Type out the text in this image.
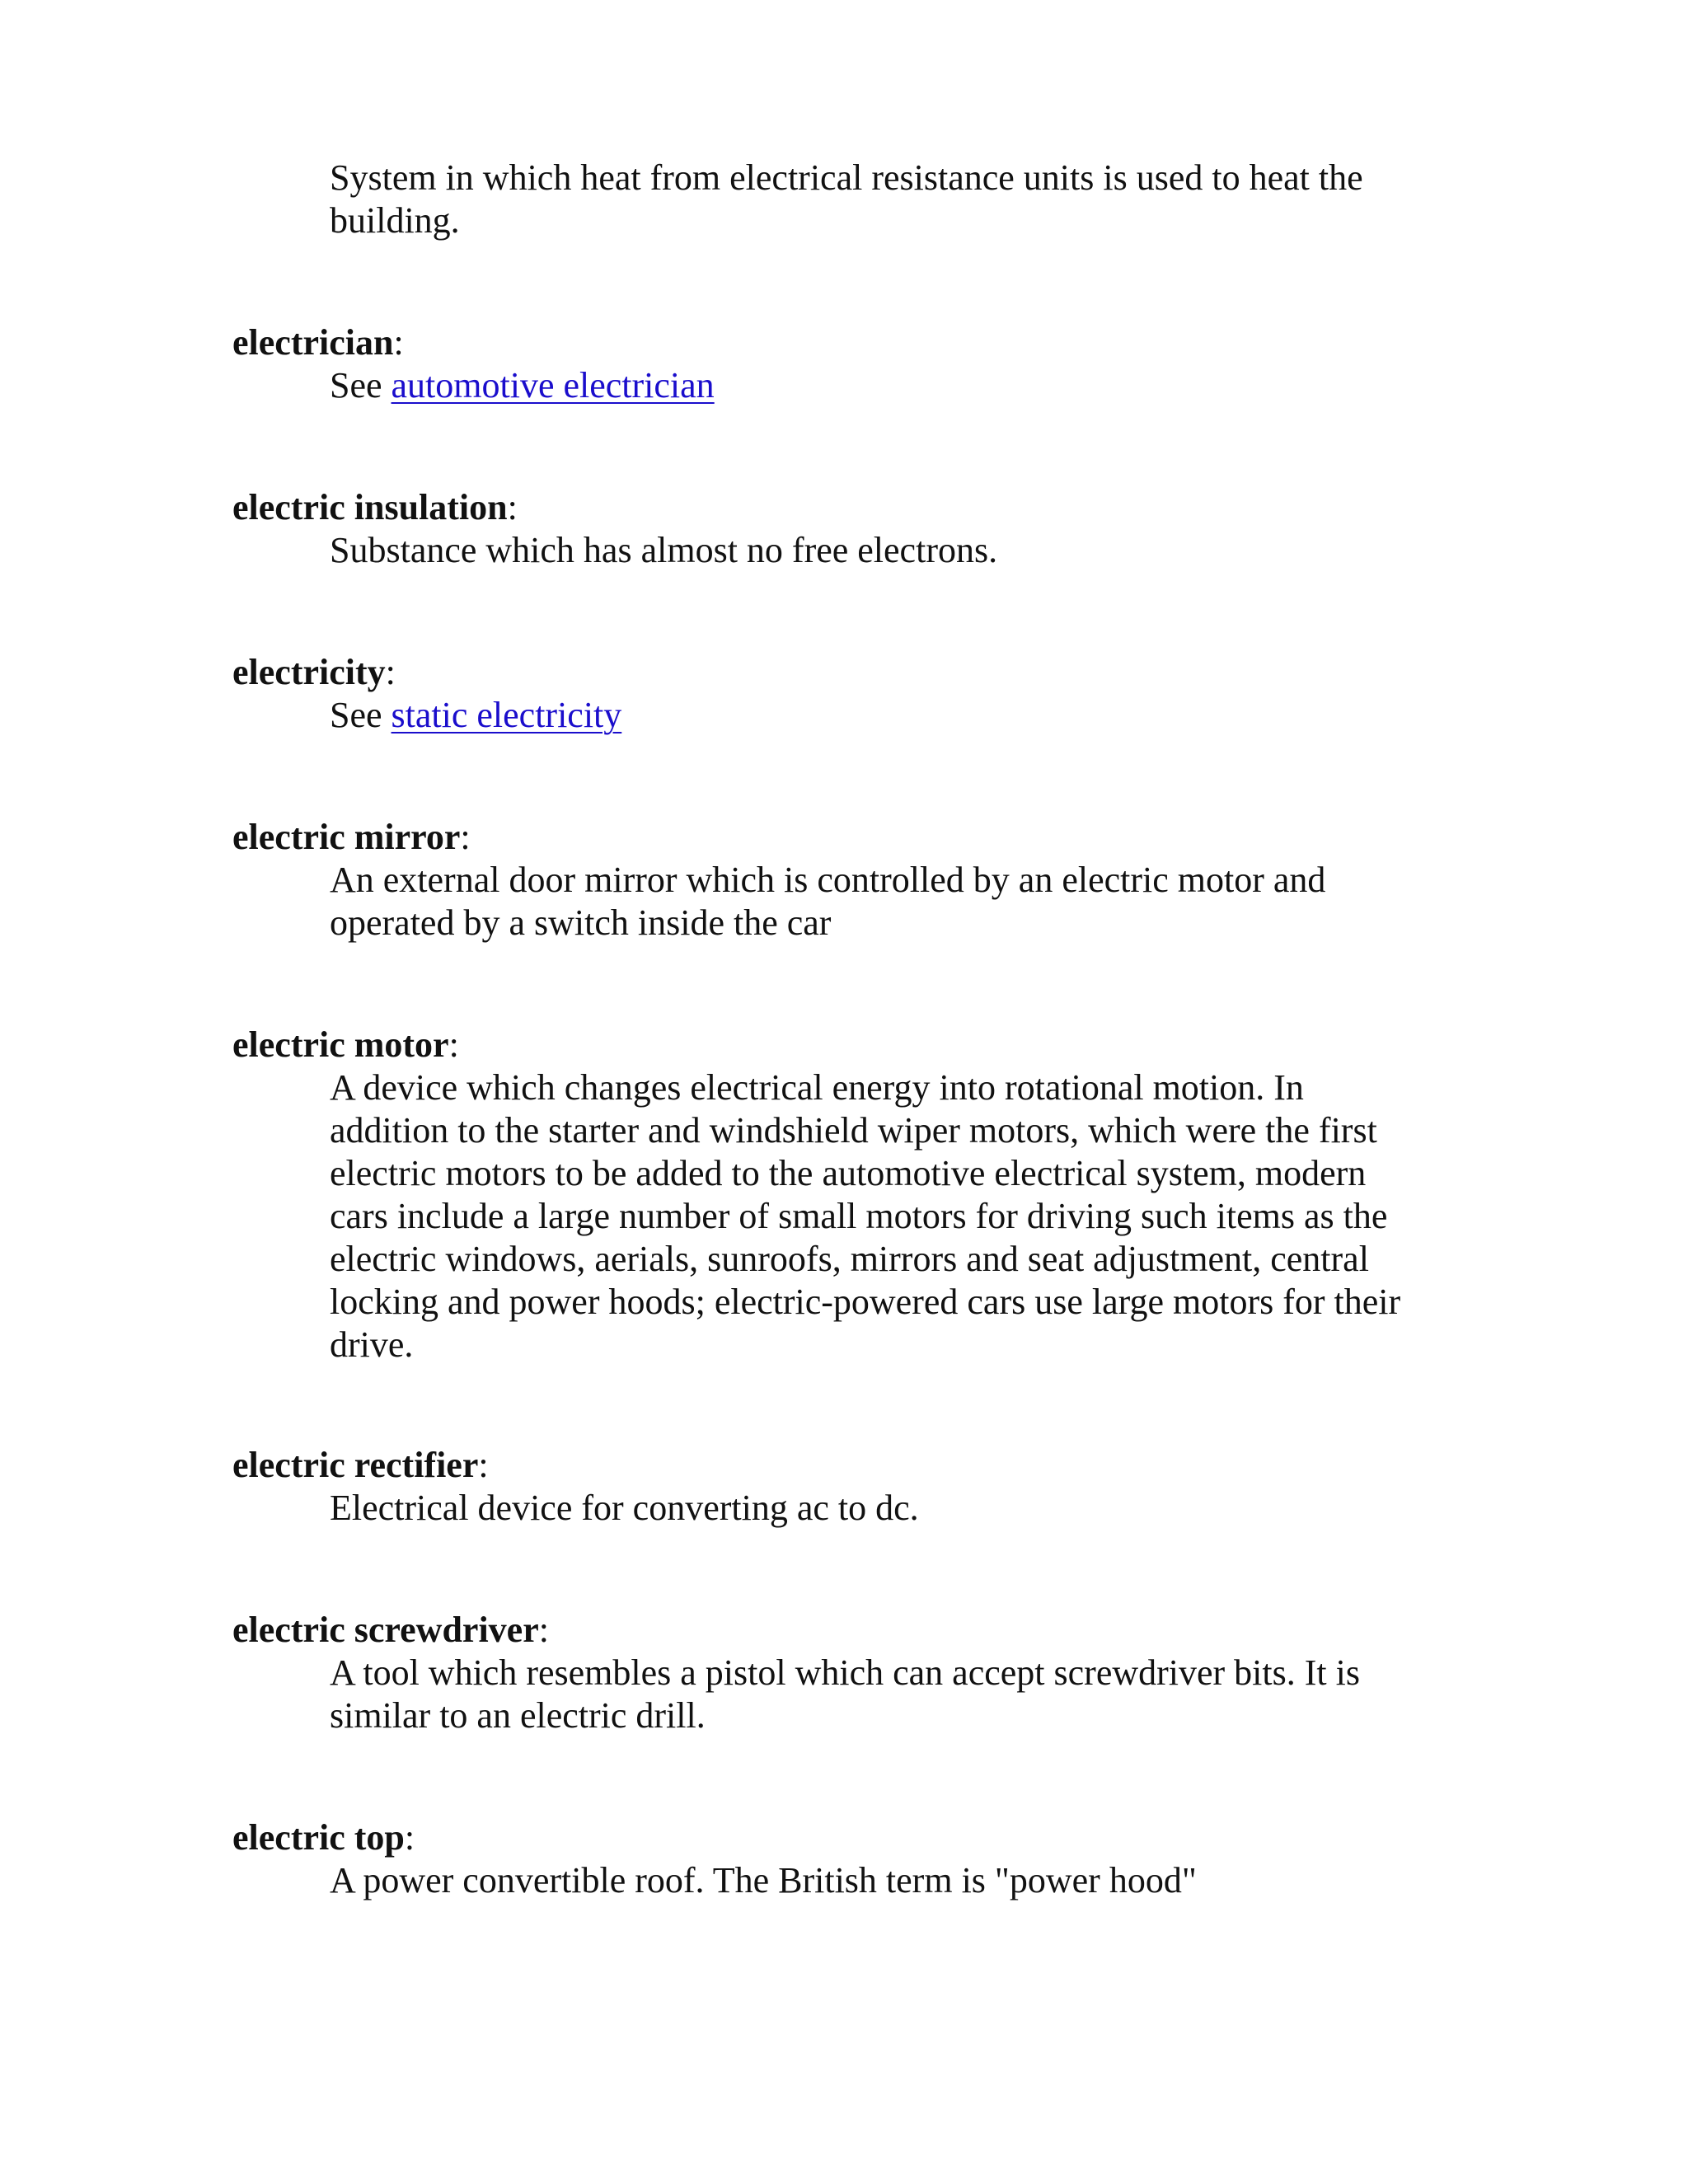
System in which heat from electrical resistance units is used to heat the
building.

electrician:

See automotive electrician

electric insulation:

Substance which has almost no free electrons.

electricity:

See static electricity

electric mirror:

An external door mirror which is controlled by an electric motor and
operated by a switch inside the car

electric motor:

A device which changes electrical energy into rotational motion. In
addition to the starter and windshield wiper motors, which were the first
electric motors to be added to the automotive electrical system, modern
cars include a large number of small motors for driving such items as the
electric windows, aerials, sunroofs, mirrors and seat adjustment, central
locking and power hoods; electric-powered cars use large motors for their
drive.

electric rectifier:

Electrical device for converting ac to dc.

electric screwdriver:

A tool which resembles a pistol which can accept screwdriver bits. It is
similar to an electric drill.

electric top:

A power convertible roof. The British term is "power hood"
